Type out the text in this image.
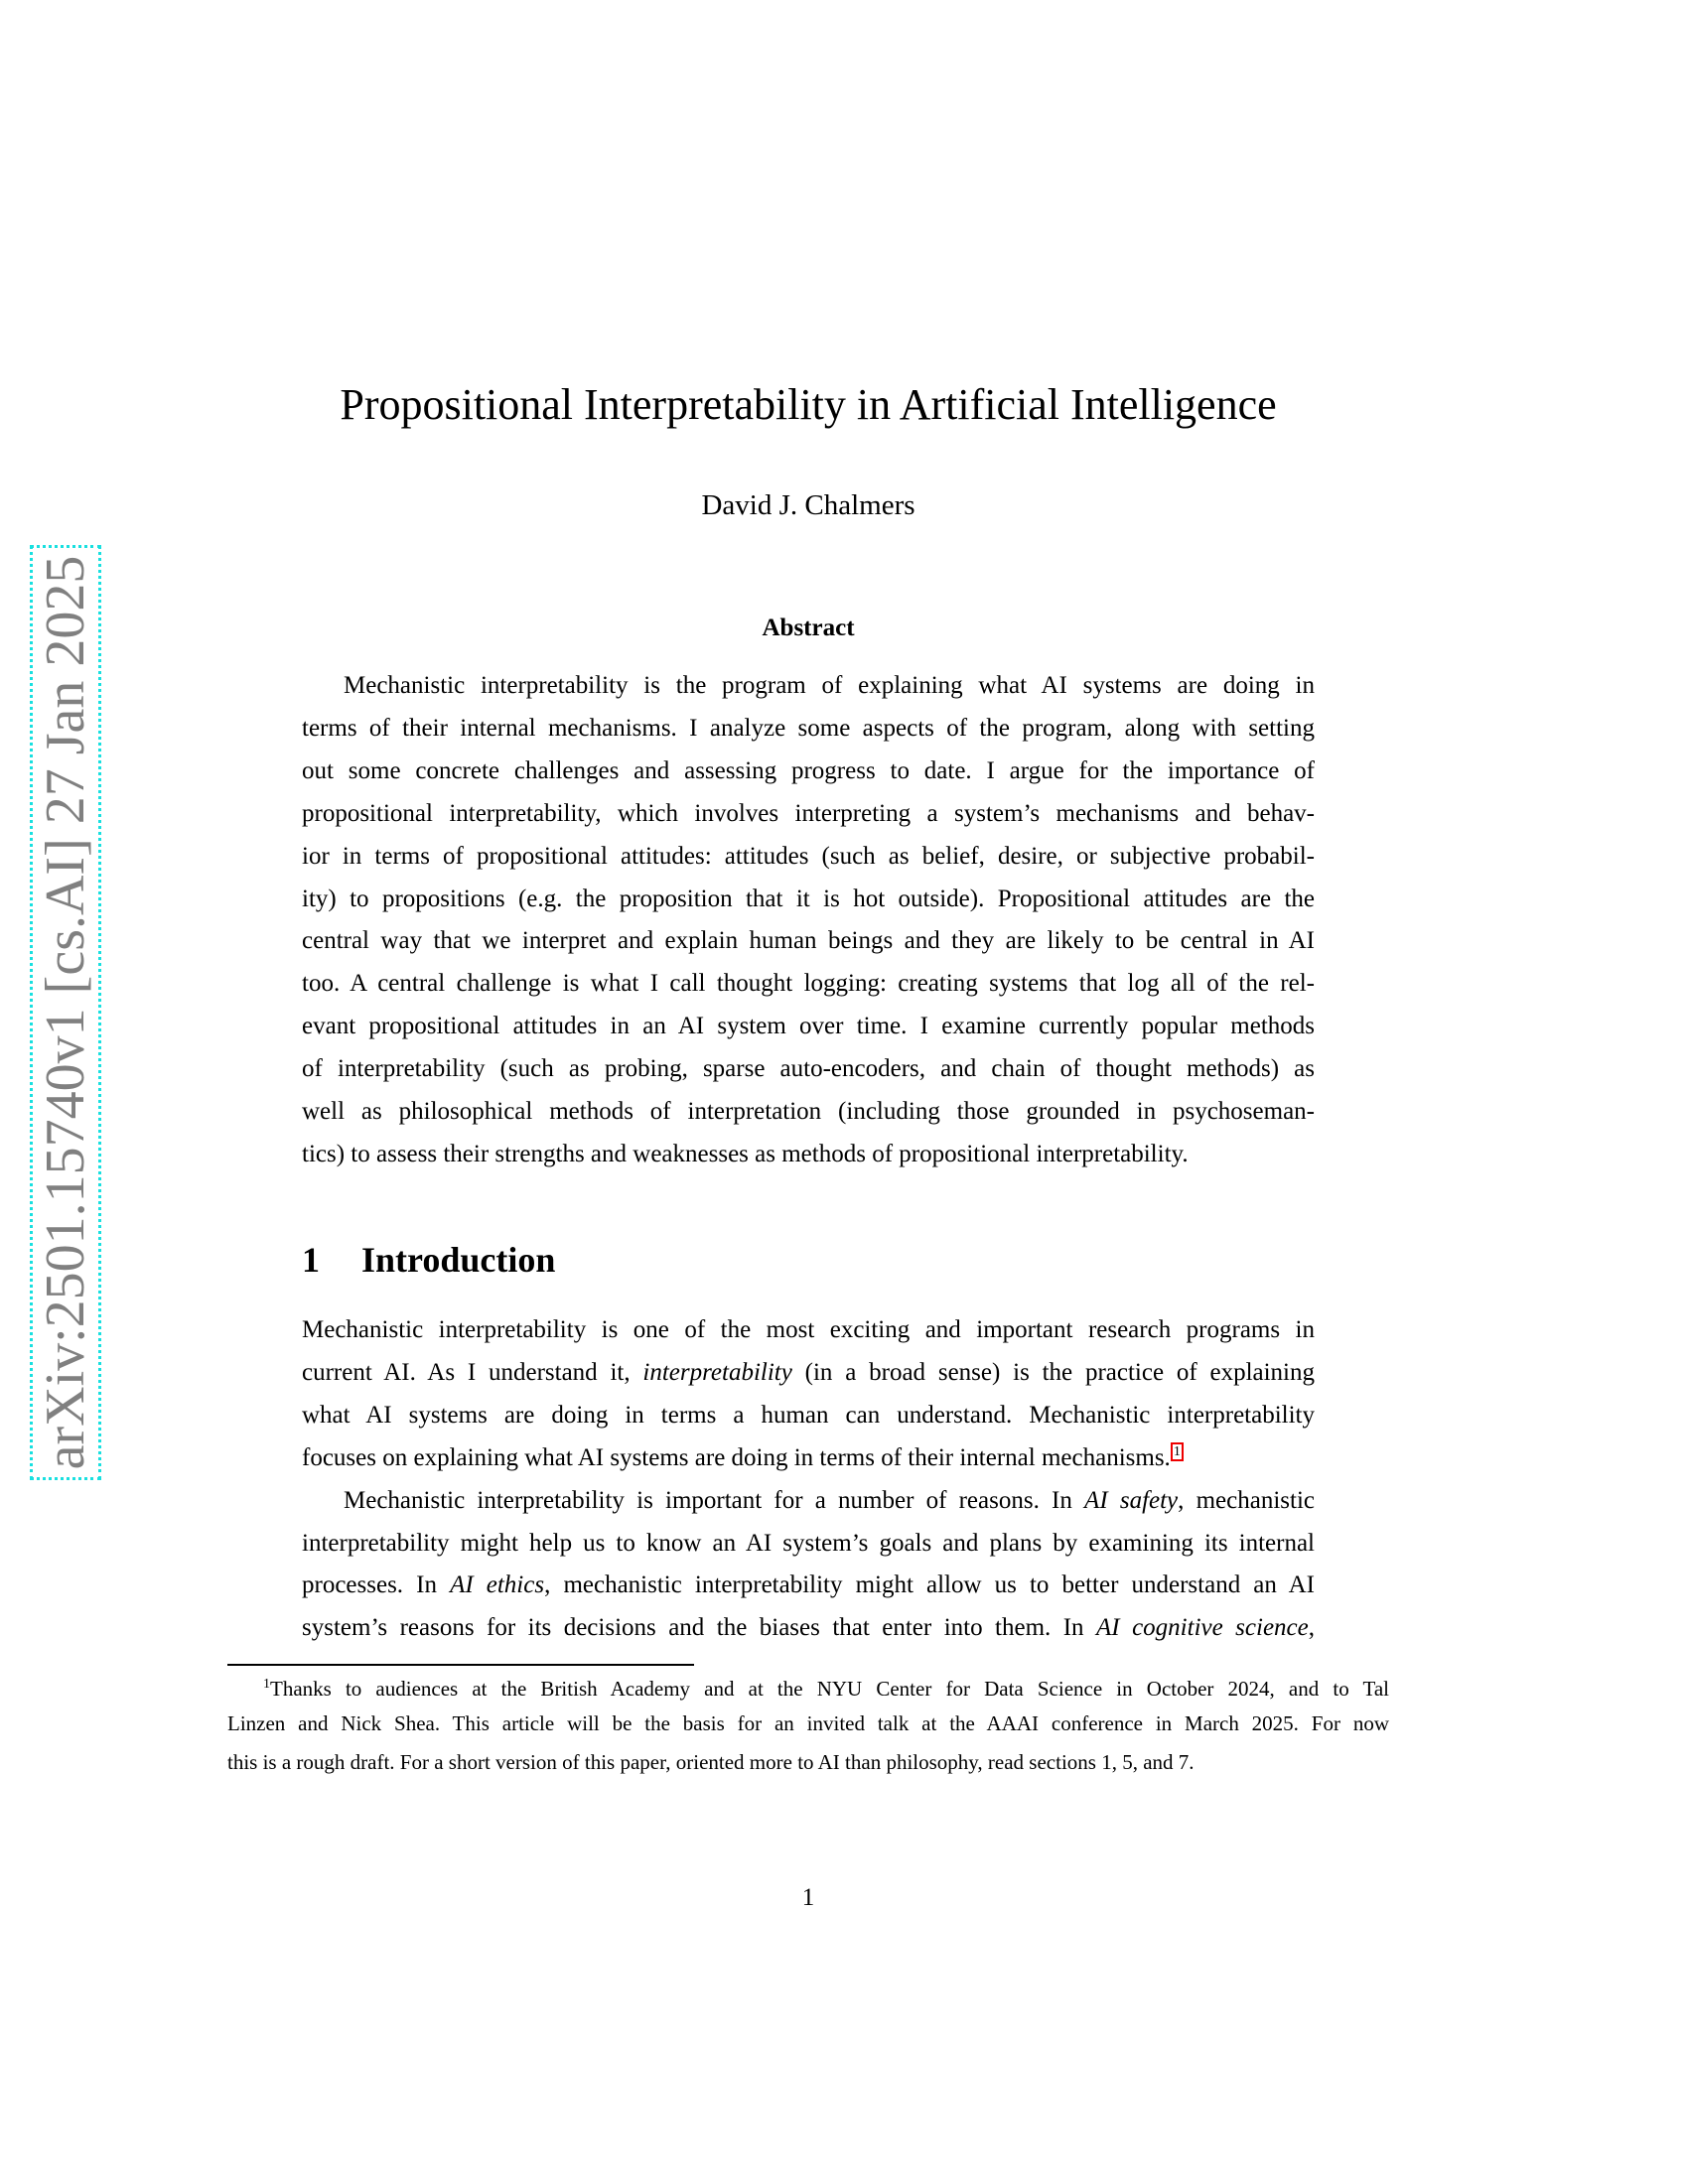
arXiv:2501.15740v1 [cs.AI] 27 Jan 2025
Propositional Interpretability in Artificial Intelligence
David J. Chalmers
Abstract
Mechanistic interpretability is the program of explaining what AI systems are doing in
terms of their internal mechanisms. I analyze some aspects of the program, along with setting
out some concrete challenges and assessing progress to date. I argue for the importance of
propositional interpretability, which involves interpreting a system’s mechanisms and behav-
ior in terms of propositional attitudes: attitudes (such as belief, desire, or subjective probabil-
ity) to propositions (e.g. the proposition that it is hot outside). Propositional attitudes are the
central way that we interpret and explain human beings and they are likely to be central in AI
too. A central challenge is what I call thought logging: creating systems that log all of the rel-
evant propositional attitudes in an AI system over time. I examine currently popular methods
of interpretability (such as probing, sparse auto-encoders, and chain of thought methods) as
well as philosophical methods of interpretation (including those grounded in psychoseman-
tics) to assess their strengths and weaknesses as methods of propositional interpretability.
1 Introduction
Mechanistic interpretability is one of the most exciting and important research programs in
current AI. As I understand it, interpretability (in a broad sense) is the practice of explaining
what AI systems are doing in terms a human can understand. Mechanistic interpretability
focuses on explaining what AI systems are doing in terms of their internal mechanisms. $^1$
Mechanistic interpretability is important for a number of reasons. In AI safety, mechanistic
interpretability might help us to know an AI system’s goals and plans by examining its internal
processes. In AI ethics, mechanistic interpretability might allow us to better understand an AI
system’s reasons for its decisions and the biases that enter into them. In AI cognitive science,
$^1$Thanks to audiences at the British Academy and at the NYU Center for Data Science in October 2024, and to Tal
Linzen and Nick Shea. This article will be the basis for an invited talk at the AAAI conference in March 2025. For now
this is a rough draft. For a short version of this paper, oriented more to AI than philosophy, read sections 1, 5, and 7.
1
